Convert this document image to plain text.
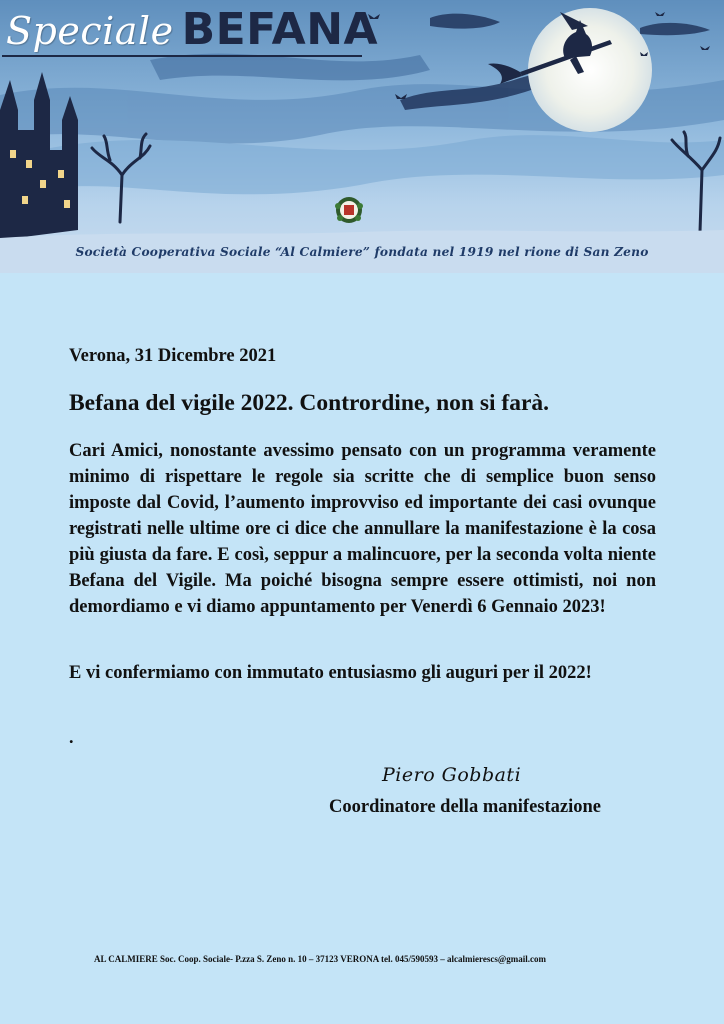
Speciale BEFANA
Società Cooperativa Sociale “Al Calmiere” fondata nel 1919 nel rione di San Zeno
Verona, 31 Dicembre 2021
Befana del vigile 2022. Contrordine, non si farà.

Cari Amici, nonostante avessimo pensato con un programma veramente minimo di rispettare le regole sia scritte che di semplice buon senso imposte dal Covid, l’aumento improvviso ed importante dei casi ovunque registrati nelle ultime ore ci dice che annullare la manifestazione è la cosa più giusta da fare. E così, seppur a malincuore, per la seconda volta niente Befana del Vigile. Ma poiché bisogna sempre essere ottimisti, noi non demordiamo e vi diamo appuntamento per Venerdì 6 Gennaio 2023!

E vi confermiamo con immutato entusiasmo gli auguri per il 2022!
.
Piero Gobbati
Coordinatore della manifestazione
AL CALMIERE Soc. Coop. Sociale- P.zza S. Zeno n. 10 – 37123 VERONA tel. 045/590593 – alcalmierescs@gmail.com
